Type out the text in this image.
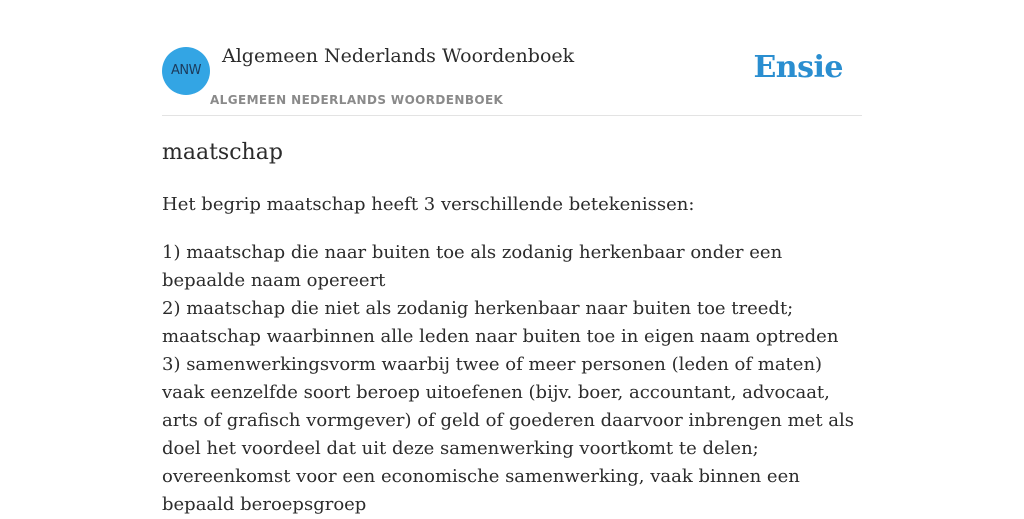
ANW
Algemeen Nederlands Woordenboek
ALGEMEEN NEDERLANDS WOORDENBOEK
Ensie
maatschap
Het begrip maatschap heeft 3 verschillende betekenissen:
1) maatschap die naar buiten toe als zodanig herkenbaar onder een bepaalde naam opereert
2) maatschap die niet als zodanig herkenbaar naar buiten toe treedt; maatschap waarbinnen alle leden naar buiten toe in eigen naam optreden
3) samenwerkingsvorm waarbij twee of meer personen (leden of maten) vaak eenzelfde soort beroep uitoefenen (bijv. boer, accountant, advocaat, arts of grafisch vormgever) of geld of goederen daarvoor inbrengen met als doel het voordeel dat uit deze samenwerking voortkomt te delen; overeenkomst voor een economische samenwerking, vaak binnen een bepaald beroepsgroep
